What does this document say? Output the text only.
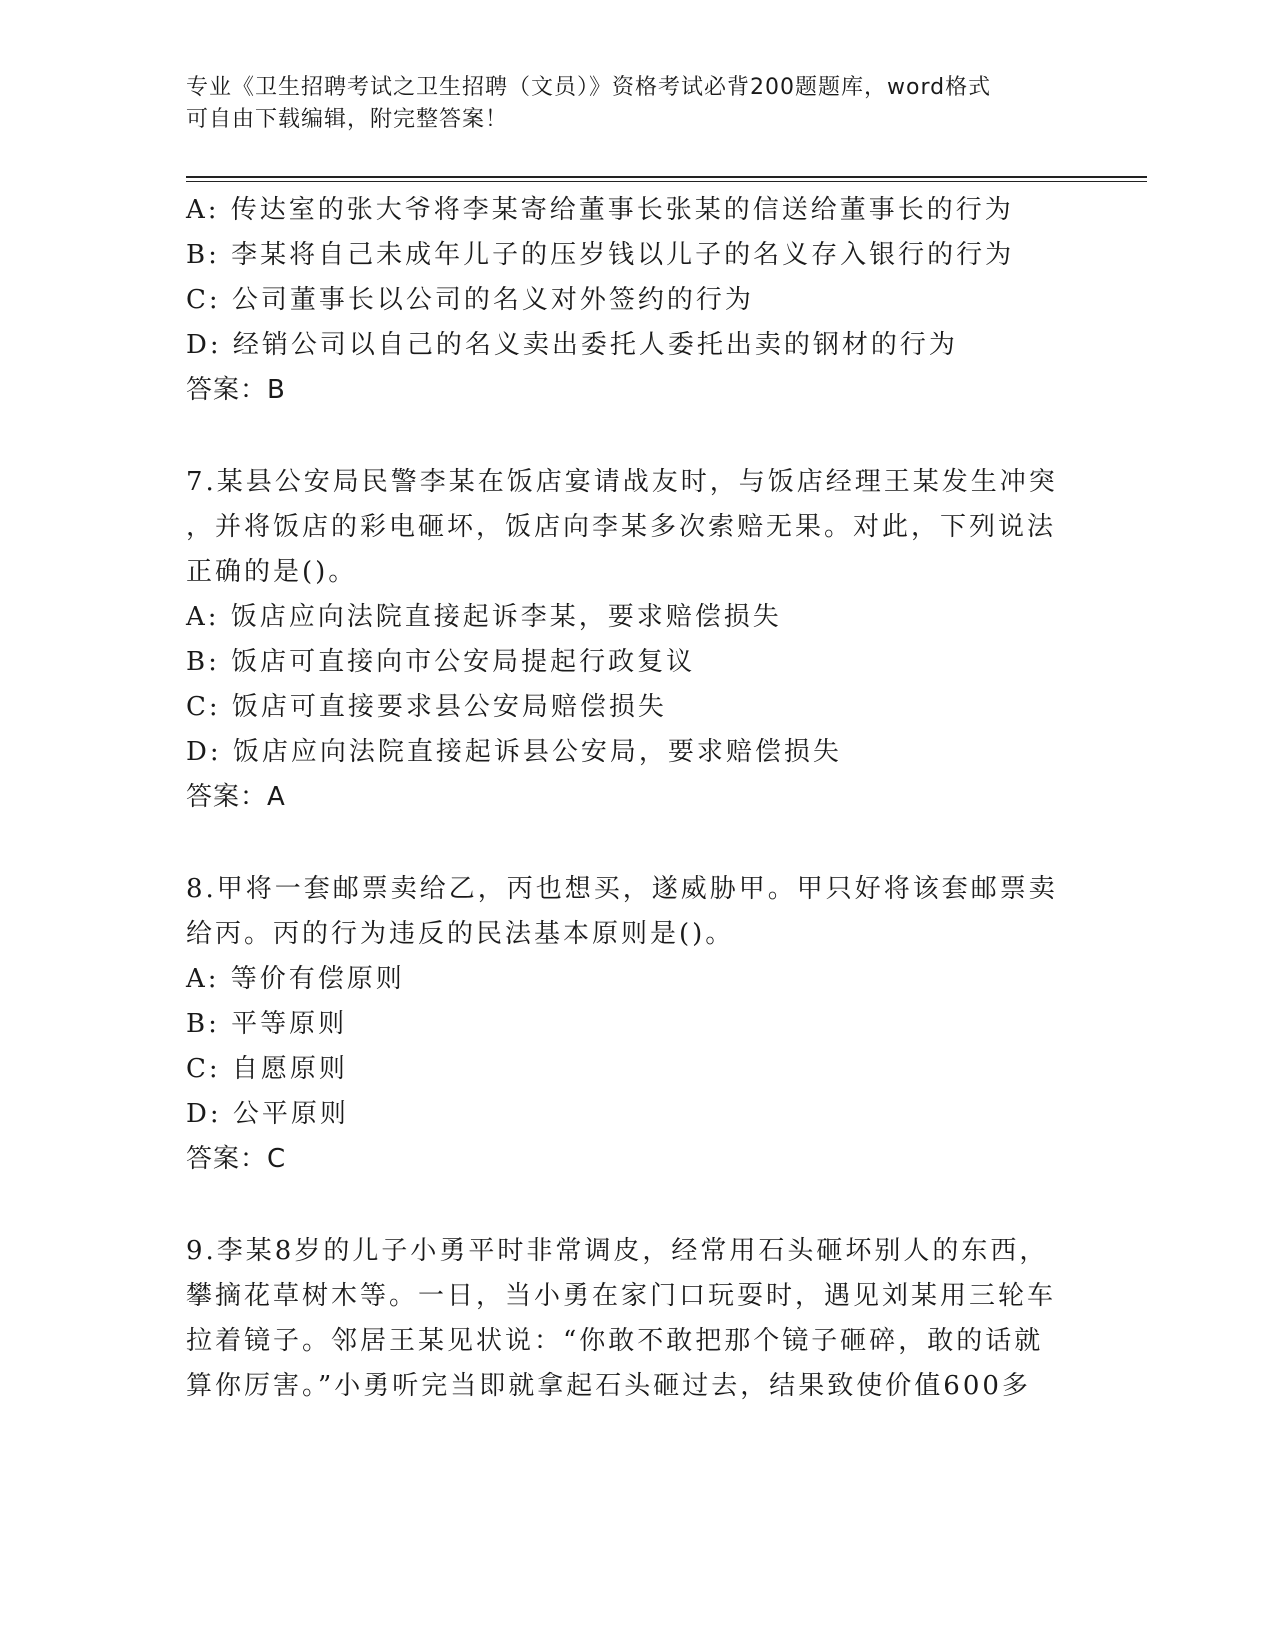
专业《卫生招聘考试之卫生招聘（文员）》资格考试必背200题题库，word格式
可自由下载编辑，附完整答案！
A: 传达室的张大爷将李某寄给董事长张某的信送给董事长的行为
B: 李某将自己未成年儿子的压岁钱以儿子的名义存入银行的行为
C: 公司董事长以公司的名义对外签约的行为
D: 经销公司以自己的名义卖出委托人委托出卖的钢材的行为
答案：B
7.某县公安局民警李某在饭店宴请战友时，与饭店经理王某发生冲突
，并将饭店的彩电砸坏，饭店向李某多次索赔无果。对此，下列说法
正确的是()。
A: 饭店应向法院直接起诉李某，要求赔偿损失
B: 饭店可直接向市公安局提起行政复议
C: 饭店可直接要求县公安局赔偿损失
D: 饭店应向法院直接起诉县公安局，要求赔偿损失
答案：A
8.甲将一套邮票卖给乙，丙也想买，遂威胁甲。甲只好将该套邮票卖
给丙。丙的行为违反的民法基本原则是()。
A: 等价有偿原则
B: 平等原则
C: 自愿原则
D: 公平原则
答案：C
9.李某8岁的儿子小勇平时非常调皮，经常用石头砸坏别人的东西，
攀摘花草树木等。一日，当小勇在家门口玩耍时，遇见刘某用三轮车
拉着镜子。邻居王某见状说：“你敢不敢把那个镜子砸碎，敢的话就
算你厉害。”小勇听完当即就拿起石头砸过去，结果致使价值600多
